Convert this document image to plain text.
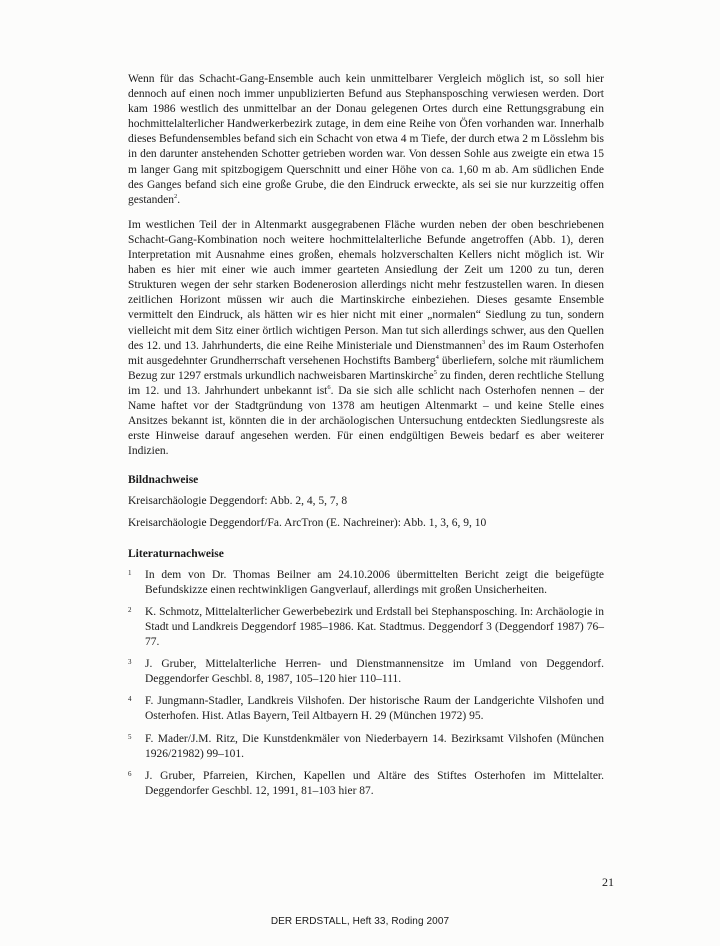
Wenn für das Schacht-Gang-Ensemble auch kein unmittelbarer Vergleich möglich ist, so soll hier dennoch auf einen noch immer unpublizierten Befund aus Stephansposching verwiesen werden. Dort kam 1986 westlich des unmittelbar an der Donau gelegenen Ortes durch eine Rettungsgrabung ein hochmittelalterlicher Handwerkerbezirk zutage, in dem eine Reihe von Öfen vorhanden war. Innerhalb dieses Befundensembles befand sich ein Schacht von etwa 4 m Tiefe, der durch etwa 2 m Lösslehm bis in den darunter anstehenden Schotter getrieben worden war. Von dessen Sohle aus zweigte ein etwa 15 m langer Gang mit spitzbogigem Querschnitt und einer Höhe von ca. 1,60 m ab. Am südlichen Ende des Ganges befand sich eine große Grube, die den Eindruck erweckte, als sei sie nur kurzzeitig offen gestanden$^2$.

Im westlichen Teil der in Altenmarkt ausgegrabenen Fläche wurden neben der oben beschriebenen Schacht-Gang-Kombination noch weitere hochmittelalterliche Befunde angetroffen (Abb. 1), deren Interpretation mit Ausnahme eines großen, ehemals holzverschalten Kellers nicht möglich ist. Wir haben es hier mit einer wie auch immer gearteten Ansiedlung der Zeit um 1200 zu tun, deren Strukturen wegen der sehr starken Bodenerosion allerdings nicht mehr festzustellen waren. In diesen zeitlichen Horizont müssen wir auch die Martinskirche einbeziehen. Dieses gesamte Ensemble vermittelt den Eindruck, als hätten wir es hier nicht mit einer „normalen“ Siedlung zu tun, sondern vielleicht mit dem Sitz einer örtlich wichtigen Person. Man tut sich allerdings schwer, aus den Quellen des 12. und 13. Jahrhunderts, die eine Reihe Ministeriale und Dienstmannen$^3$ des im Raum Osterhofen mit ausgedehnter Grundherrschaft versehenen Hochstifts Bamberg$^4$ überliefern, solche mit räumlichem Bezug zur 1297 erstmals urkundlich nachweisbaren Martinskirche$^5$ zu finden, deren rechtliche Stellung im 12. und 13. Jahrhundert unbekannt ist$^6$. Da sie sich alle schlicht nach Osterhofen nennen – der Name haftet vor der Stadtgründung von 1378 am heutigen Altenmarkt – und keine Stelle eines Ansitzes bekannt ist, könnten die in der archäologischen Untersuchung entdeckten Siedlungsreste als erste Hinweise darauf angesehen werden. Für einen endgültigen Beweis bedarf es aber weiterer Indizien.

Bildnachweise
Kreisarchäologie Deggendorf: Abb. 2, 4, 5, 7, 8
Kreisarchäologie Deggendorf/Fa. ArcTron (E. Nachreiner): Abb. 1, 3, 6, 9, 10
Literaturnachweise
1 In dem von Dr. Thomas Beilner am 24.10.2006 übermittelten Bericht zeigt die beigefügte Befundskizze einen rechtwinkligen Gangverlauf, allerdings mit großen Unsicherheiten.
2 K. Schmotz, Mittelalterlicher Gewerbebezirk und Erdstall bei Stephansposching. In: Archäologie in Stadt und Landkreis Deggendorf 1985–1986. Kat. Stadtmus. Deggendorf 3 (Deggendorf 1987) 76–77.
3 J. Gruber, Mittelalterliche Herren- und Dienstmannensitze im Umland von Deggendorf. Deggendorfer Geschbl. 8, 1987, 105–120 hier 110–111.
4 F. Jungmann-Stadler, Landkreis Vilshofen. Der historische Raum der Landgerichte Vilshofen und Osterhofen. Hist. Atlas Bayern, Teil Altbayern H. 29 (München 1972) 95.
5 F. Mader/J.M. Ritz, Die Kunstdenkmäler von Niederbayern 14. Bezirksamt Vilshofen (München 1926/21982) 99–101.
6 J. Gruber, Pfarreien, Kirchen, Kapellen und Altäre des Stiftes Osterhofen im Mittelalter. Deggendorfer Geschbl. 12, 1991, 81–103 hier 87.
21
DER ERDSTALL, Heft 33, Roding 2007
